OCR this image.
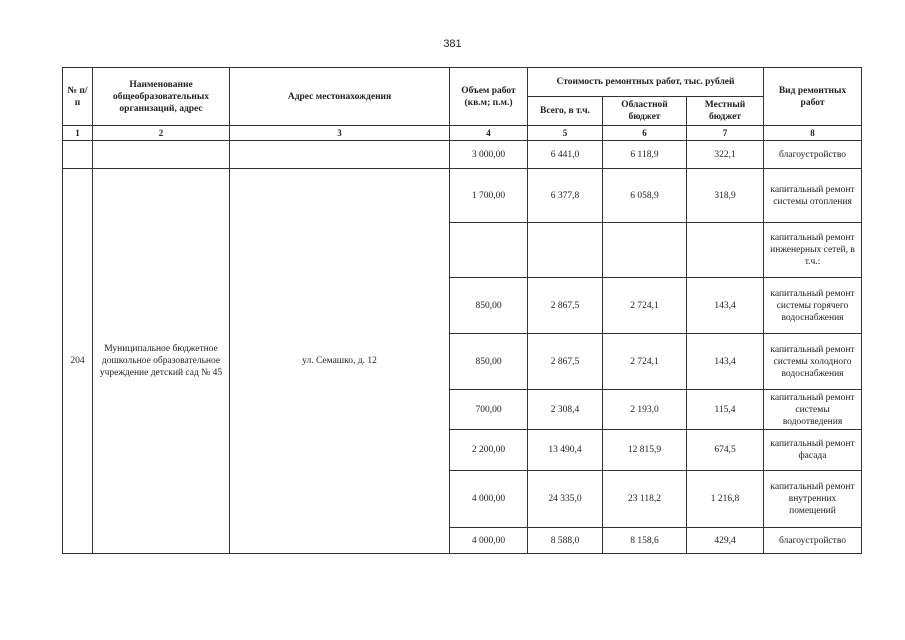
381
№ п/п	Наименование общеобразовательных организаций, адрес	Адрес местонахождения	Объем работ (кв.м; п.м.)	Стоимость ремонтных работ, тыс. рублей			Вид ремонтных работ
				Всего, в т.ч.	Областной бюджет	Местный бюджет	
1	2	3	4	5	6	7	8
			3 000,00	6 441,0	6 118,9	322,1	благоустройство
204	Муниципальное бюджетное дошкольное образовательное учреждение детский сад № 45	ул. Семашко, д. 12	1 700,00	6 377,8	6 058,9	318,9	капитальный ремонт системы отопления
							капитальный ремонт инженерных сетей, в т.ч.:
			850,00	2 867,5	2 724,1	143,4	капитальный ремонт системы горячего водоснабжения
			850,00	2 867,5	2 724,1	143,4	капитальный ремонт системы холодного водоснабжения
			700,00	2 308,4	2 193,0	115,4	капитальный ремонт системы водоотведения
			2 200,00	13 490,4	12 815,9	674,5	капитальный ремонт фасада
			4 000,00	24 335,0	23 118,2	1 216,8	капитальный ремонт внутренних помещений
			4 000,00	8 588,0	8 158,6	429,4	благоустройство
